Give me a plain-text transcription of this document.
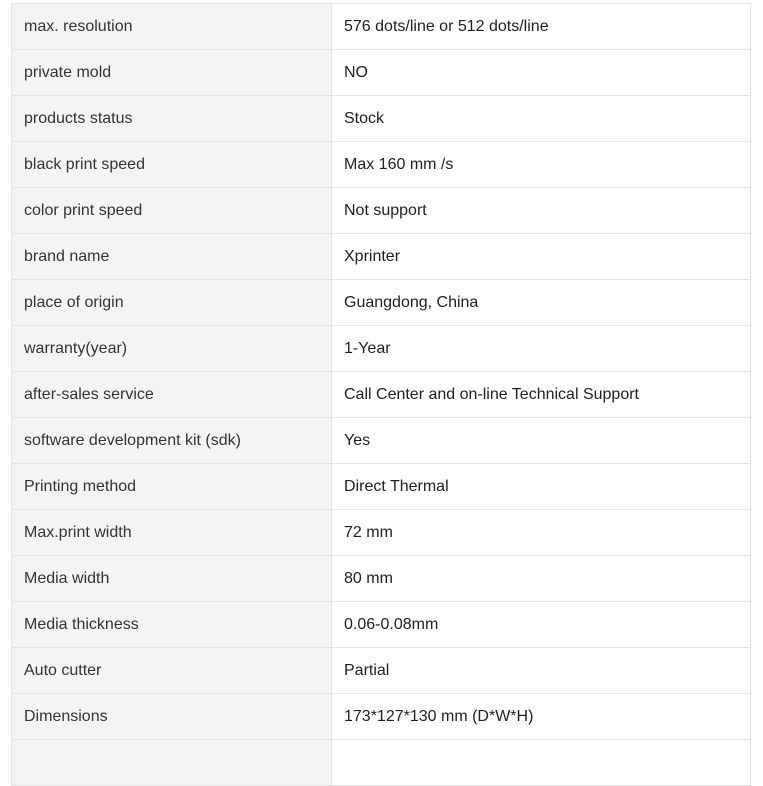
max. resolution	576 dots/line or 512 dots/line
private mold	NO
products status	Stock
black print speed	Max 160 mm /s
color print speed	Not support
brand name	Xprinter
place of origin	Guangdong, China
warranty(year)	1-Year
after-sales service	Call Center and on-line Technical Support
software development kit (sdk)	Yes
Printing method	Direct Thermal
Max.print width	72 mm
Media width	80 mm
Media thickness	0.06-0.08mm
Auto cutter	Partial
Dimensions	173*127*130 mm (D*W*H)
